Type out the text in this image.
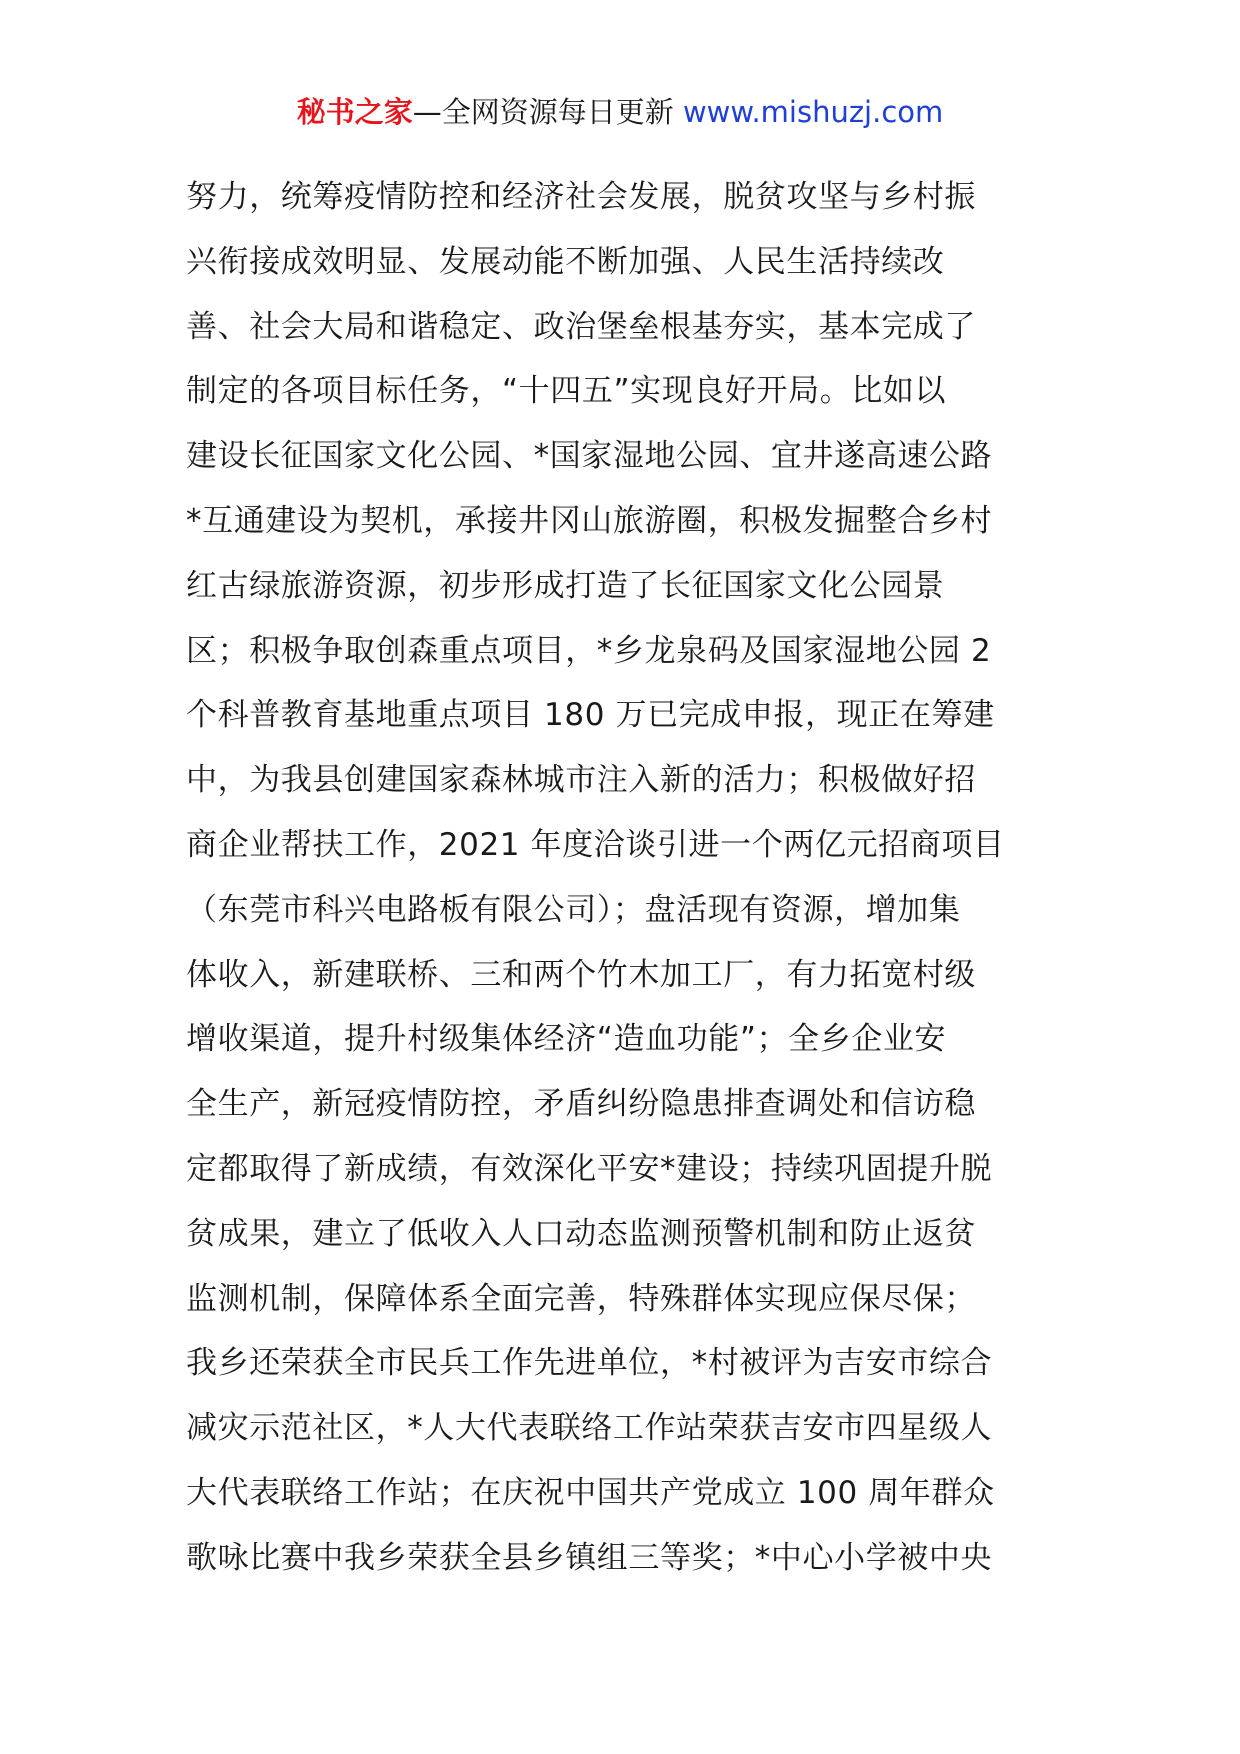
秘书之家—全网资源每日更新 www.mishuzj.com
努力，统筹疫情防控和经济社会发展，脱贫攻坚与乡村振
兴衔接成效明显、发展动能不断加强、人民生活持续改
善、社会大局和谐稳定、政治堡垒根基夯实，基本完成了
制定的各项目标任务，“十四五”实现良好开局。比如以
建设长征国家文化公园、*国家湿地公园、宜井遂高速公路
*互通建设为契机，承接井冈山旅游圈，积极发掘整合乡村
红古绿旅游资源，初步形成打造了长征国家文化公园景
区；积极争取创森重点项目，*乡龙泉码及国家湿地公园 2
个科普教育基地重点项目 180 万已完成申报，现正在筹建
中，为我县创建国家森林城市注入新的活力；积极做好招
商企业帮扶工作，2021 年度洽谈引进一个两亿元招商项目
（东莞市科兴电路板有限公司）；盘活现有资源，增加集
体收入，新建联桥、三和两个竹木加工厂，有力拓宽村级
增收渠道，提升村级集体经济“造血功能”；全乡企业安
全生产，新冠疫情防控，矛盾纠纷隐患排查调处和信访稳
定都取得了新成绩，有效深化平安*建设；持续巩固提升脱
贫成果，建立了低收入人口动态监测预警机制和防止返贫
监测机制，保障体系全面完善，特殊群体实现应保尽保；
我乡还荣获全市民兵工作先进单位，*村被评为吉安市综合
减灾示范社区，*人大代表联络工作站荣获吉安市四星级人
大代表联络工作站；在庆祝中国共产党成立 100 周年群众
歌咏比赛中我乡荣获全县乡镇组三等奖；*中心小学被中央
